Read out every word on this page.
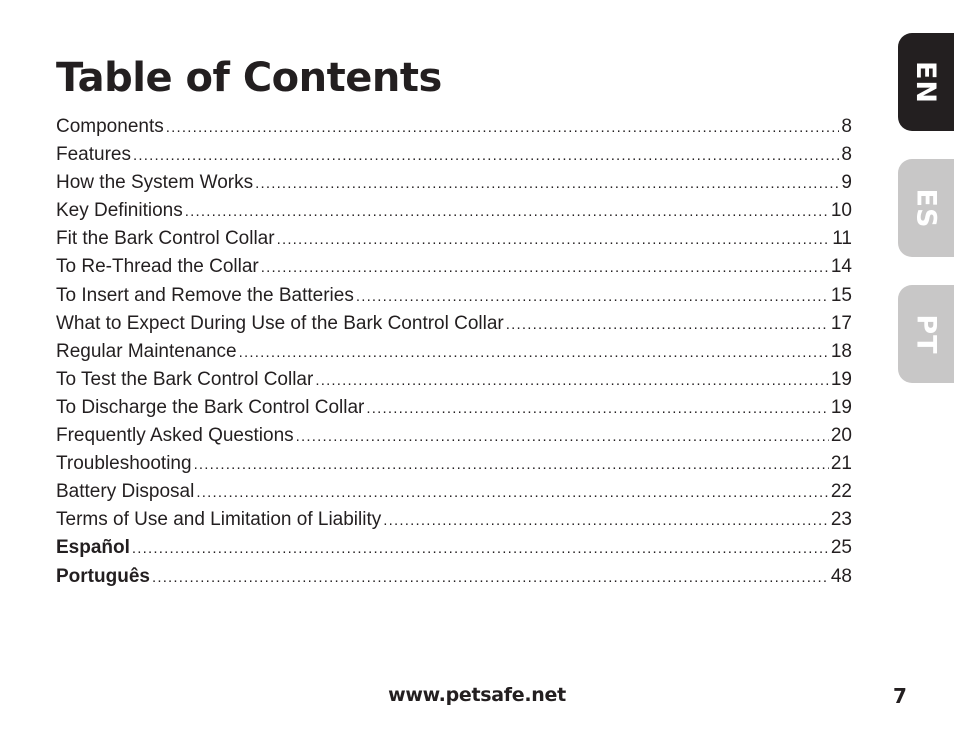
Table of Contents
Components .....	8
Features .....	8
How the System Works .....	9
Key Definitions .....	10
Fit the Bark Control Collar .....	11
To Re-Thread the Collar .....	14
To Insert and Remove the Batteries .....	15
What to Expect During Use of the Bark Control Collar .....	17
Regular Maintenance .....	18
To Test the Bark Control Collar .....	19
To Discharge the Bark Control Collar .....	19
Frequently Asked Questions .....	20
Troubleshooting .....	21
Battery Disposal .....	22
Terms of Use and Limitation of Liability .....	23
Español .....	25
Português .....	48
EN
ES
PT
www.petsafe.net	7
